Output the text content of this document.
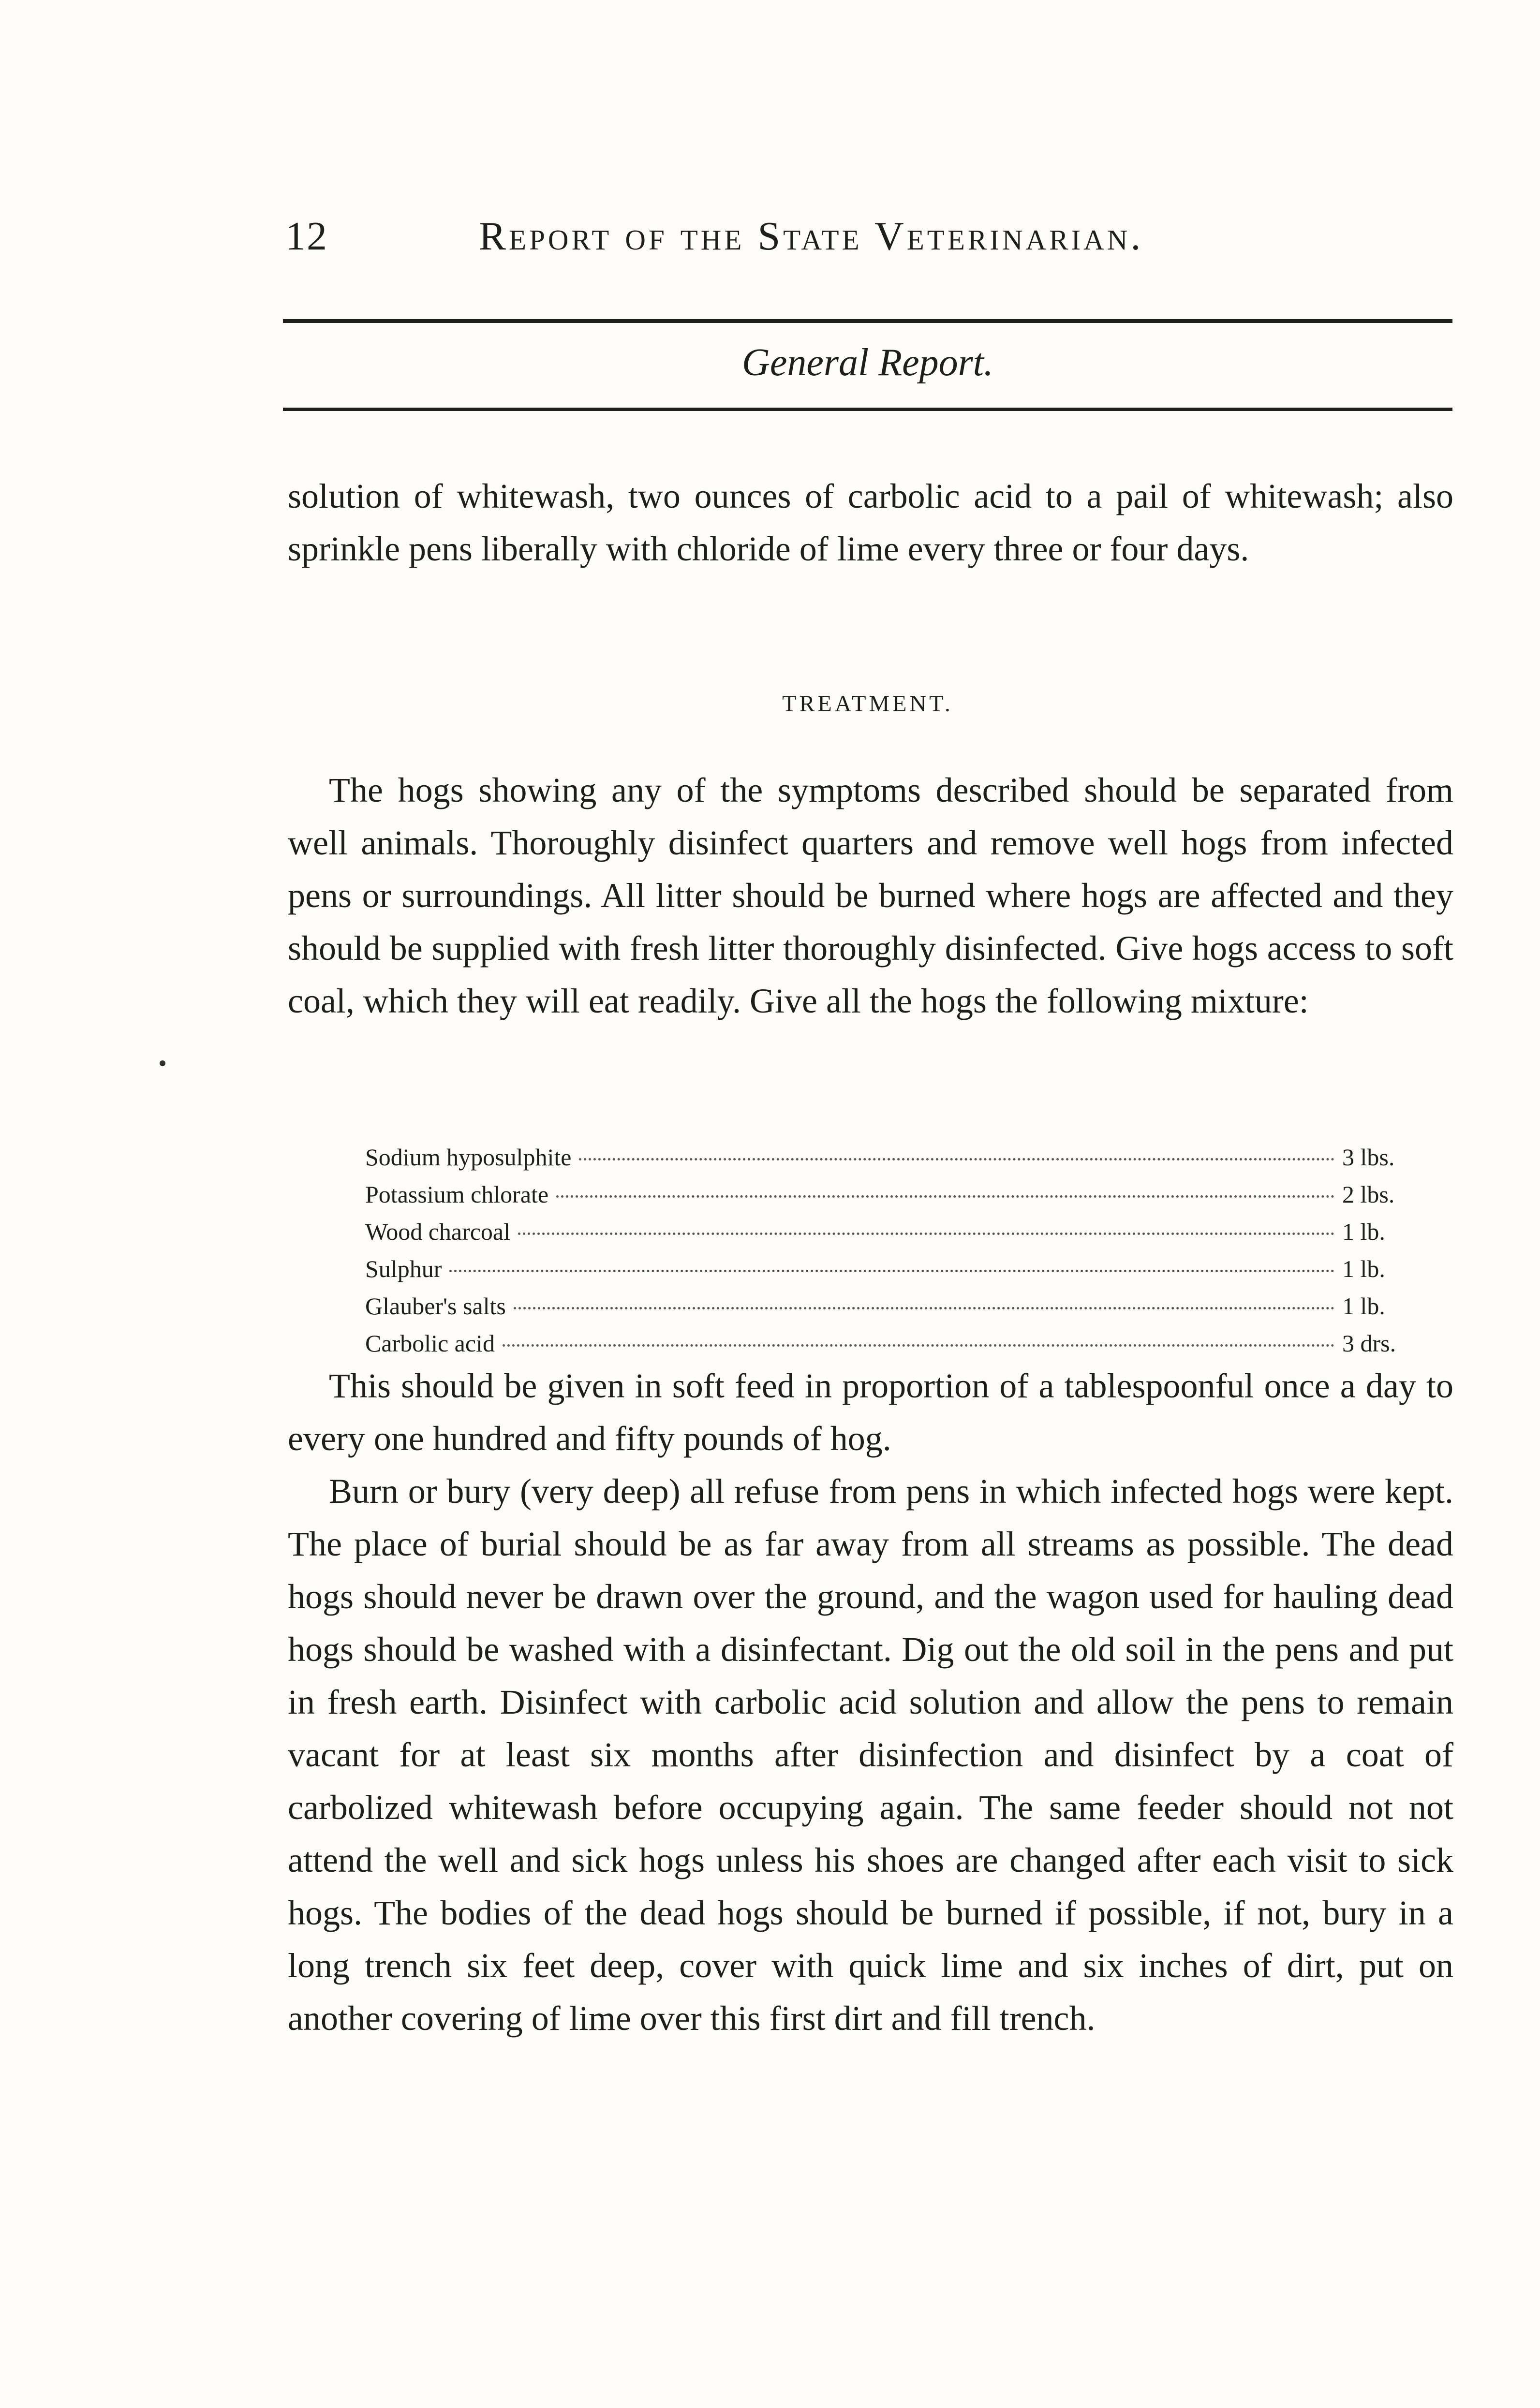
12	Report of the State Veterinarian.
General Report.

solution of whitewash, two ounces of carbolic acid to a pail of whitewash; also sprinkle pens liberally with chloride of lime every three or four days.

TREATMENT.

The hogs showing any of the symptoms described should be separated from well animals. Thoroughly disinfect quarters and remove well hogs from infected pens or surroundings. All litter should be burned where hogs are affected and they should be supplied with fresh litter thoroughly disinfected. Give hogs access to soft coal, which they will eat readily. Give all the hogs the following mixture:

Sodium hyposulphite	3 lbs.
Potassium chlorate	2 lbs.
Wood charcoal	1 lb.
Sulphur	1 lb.
Glauber's salts	1 lb.
Carbolic acid	3 drs.

This should be given in soft feed in proportion of a tablespoonful once a day to every one hundred and fifty pounds of hog.

Burn or bury (very deep) all refuse from pens in which infected hogs were kept. The place of burial should be as far away from all streams as possible. The dead hogs should never be drawn over the ground, and the wagon used for hauling dead hogs should be washed with a disinfectant. Dig out the old soil in the pens and put in fresh earth. Disinfect with carbolic acid solution and allow the pens to remain vacant for at least six months after disinfection and disinfect by a coat of carbolized whitewash before occupying again. The same feeder should not not attend the well and sick hogs unless his shoes are changed after each visit to sick hogs. The bodies of the dead hogs should be burned if possible, if not, bury in a long trench six feet deep, cover with quick lime and six inches of dirt, put on another covering of lime over this first dirt and fill trench.
